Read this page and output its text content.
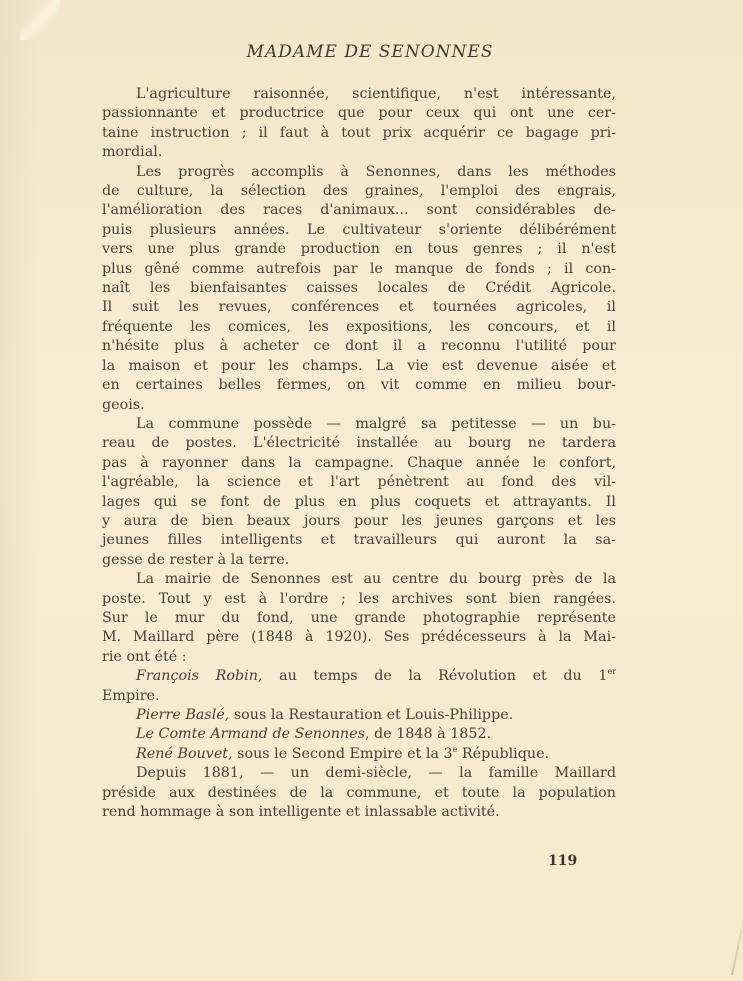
MADAME DE SENONNES
L'agriculture raisonnée, scientifique, n'est intéressante,
passionnante et productrice que pour ceux qui ont une cer-
taine instruction ; il faut à tout prix acquérir ce bagage pri-
mordial.
Les progrès accomplis à Senonnes, dans les méthodes
de culture, la sélection des graines, l'emploi des engrais,
l'amélioration des races d'animaux... sont considérables de-
puis plusieurs années. Le cultivateur s'oriente délibérément
vers une plus grande production en tous genres ; il n'est
plus gêné comme autrefois par le manque de fonds ; il con-
naît les bienfaisantes caisses locales de Crédit Agricole.
Il suit les revues, conférences et tournées agricoles, il
fréquente les comices, les expositions, les concours, et il
n'hésite plus à acheter ce dont il a reconnu l'utilité pour
la maison et pour les champs. La vie est devenue aisée et
en certaines belles fermes, on vit comme en milieu bour-
geois.
La commune possède — malgré sa petitesse — un bu-
reau de postes. L'électricité installée au bourg ne tardera
pas à rayonner dans la campagne. Chaque année le confort,
l'agréable, la science et l'art pénètrent au fond des vil-
lages qui se font de plus en plus coquets et attrayants. Il
y aura de bien beaux jours pour les jeunes garçons et les
jeunes filles intelligents et travailleurs qui auront la sa-
gesse de rester à la terre.
La mairie de Senonnes est au centre du bourg près de la
poste. Tout y est à l'ordre ; les archives sont bien rangées.
Sur le mur du fond, une grande photographie représente
M. Maillard père (1848 à 1920). Ses prédécesseurs à la Mai-
rie ont été :
François Robin, au temps de la Révolution et du 1er
Empire.
Pierre Baslé, sous la Restauration et Louis-Philippe.
Le Comte Armand de Senonnes, de 1848 à 1852.
René Bouvet, sous le Second Empire et la 3e République.
Depuis 1881, — un demi-siècle, — la famille Maillard
préside aux destinées de la commune, et toute la population
rend hommage à son intelligente et inlassable activité.
119
